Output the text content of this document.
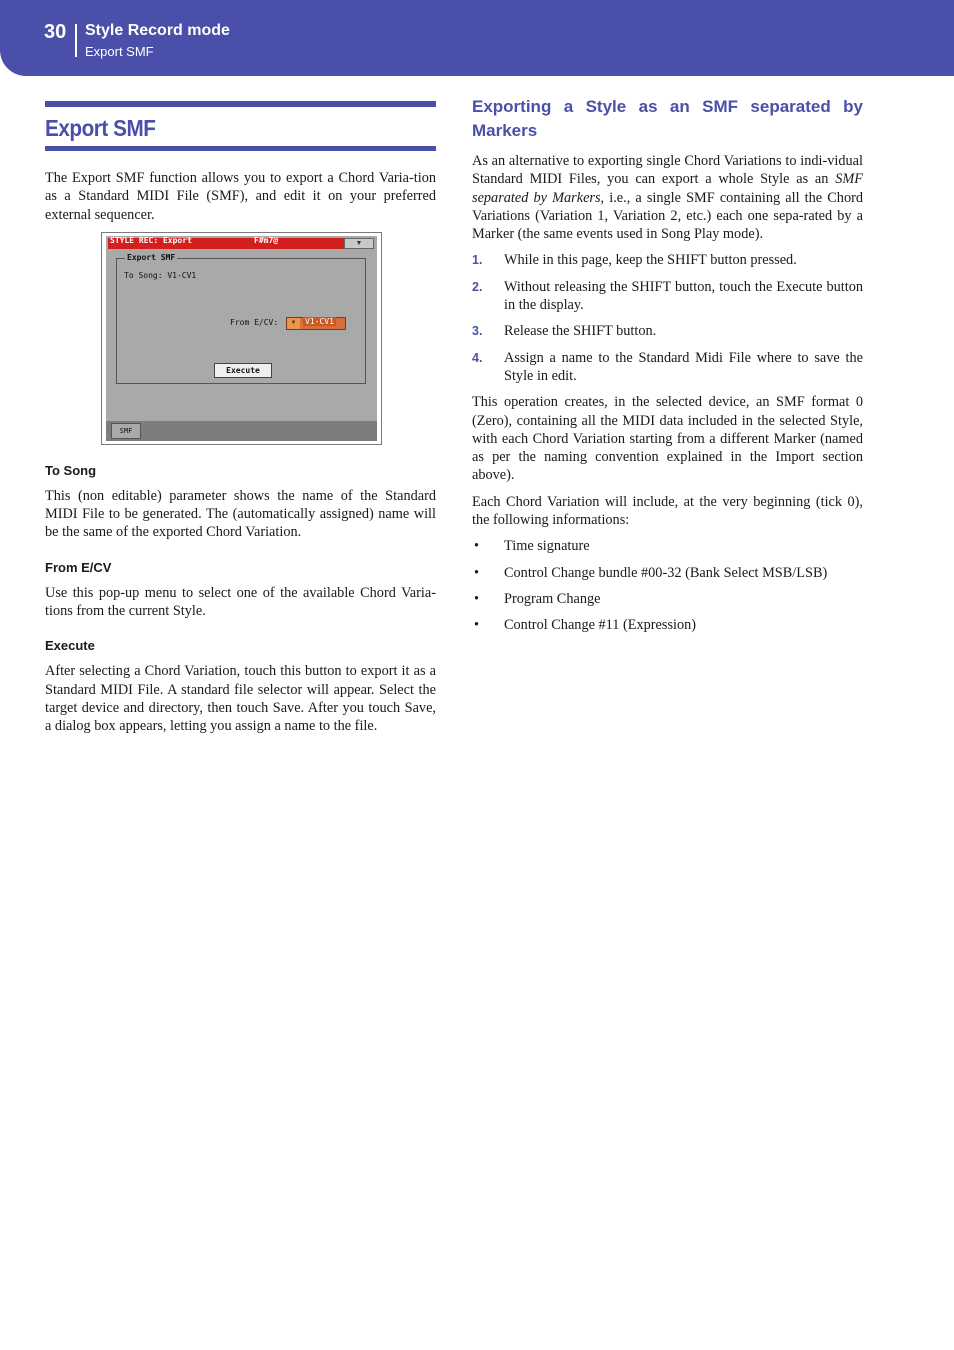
30 Style Record mode
Export SMF
Export SMF

The Export SMF function allows you to export a Chord Varia-tion as a Standard MIDI File (SMF), and edit it on your preferred external sequencer.

STYLE REC: Export	F#m7@	▼
Export SMF
To Song: V1-CV1
From E/CV:	▼	V1-CV1
Execute
SMF
To Song

This (non editable) parameter shows the name of the Standard MIDI File to be generated. The (automatically assigned) name will be the same of the exported Chord Variation.

From E/CV

Use this pop-up menu to select one of the available Chord Varia-tions from the current Style.

Execute

After selecting a Chord Variation, touch this button to export it as a Standard MIDI File. A standard file selector will appear. Select the target device and directory, then touch Save. After you touch Save, a dialog box appears, letting you assign a name to the file.

Exporting a Style as an SMF separated by Markers

As an alternative to exporting single Chord Variations to indi-vidual Standard MIDI Files, you can export a whole Style as an SMF separated by Markers, i.e., a single SMF containing all the Chord Variations (Variation 1, Variation 2, etc.) each one sepa-rated by a Marker (the same events used in Song Play mode).

1. While in this page, keep the SHIFT button pressed.
2. Without releasing the SHIFT button, touch the Execute button in the display.
3. Release the SHIFT button.
4. Assign a name to the Standard Midi File where to save the Style in edit.

This operation creates, in the selected device, an SMF format 0 (Zero), containing all the MIDI data included in the selected Style, with each Chord Variation starting from a different Marker (named as per the naming convention explained in the Import section above).

Each Chord Variation will include, at the very beginning (tick 0), the following informations:

• Time signature
• Control Change bundle #00-32 (Bank Select MSB/LSB)
• Program Change
• Control Change #11 (Expression)
